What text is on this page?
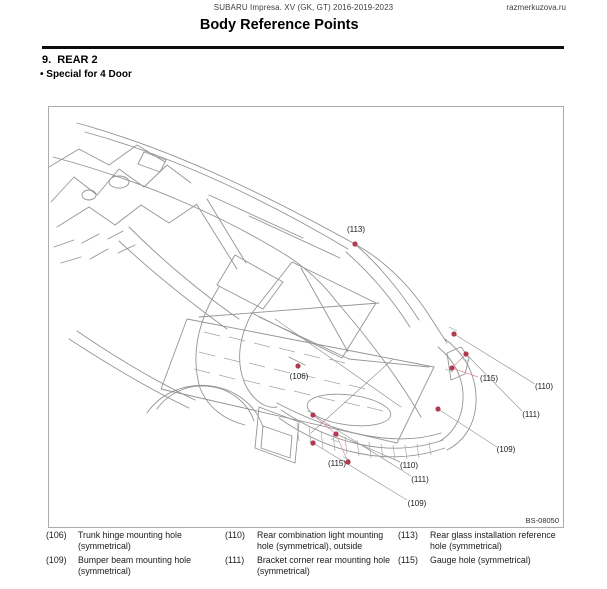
SUBARU Impresa. XV (GK, GT) 2016-2019-2023	razmerkuzova.ru
Body Reference Points
9.  REAR 2
• Special for 4 Door
(113)
(106)	(115)
(110)
(111)
(109)
(110)
(111)
(109)
(115)
BS-08050
(106)	Trunk hinge mounting hole
(symmetrical)
(109)	Bumper beam mounting hole
(symmetrical)
(110)	Rear combination light mounting
hole (symmetrical), outside
(111)	Bracket corner rear mounting hole
(symmetrical)
(113)	Rear glass installation reference
hole (symmetrical)
(115)	Gauge hole (symmetrical)
